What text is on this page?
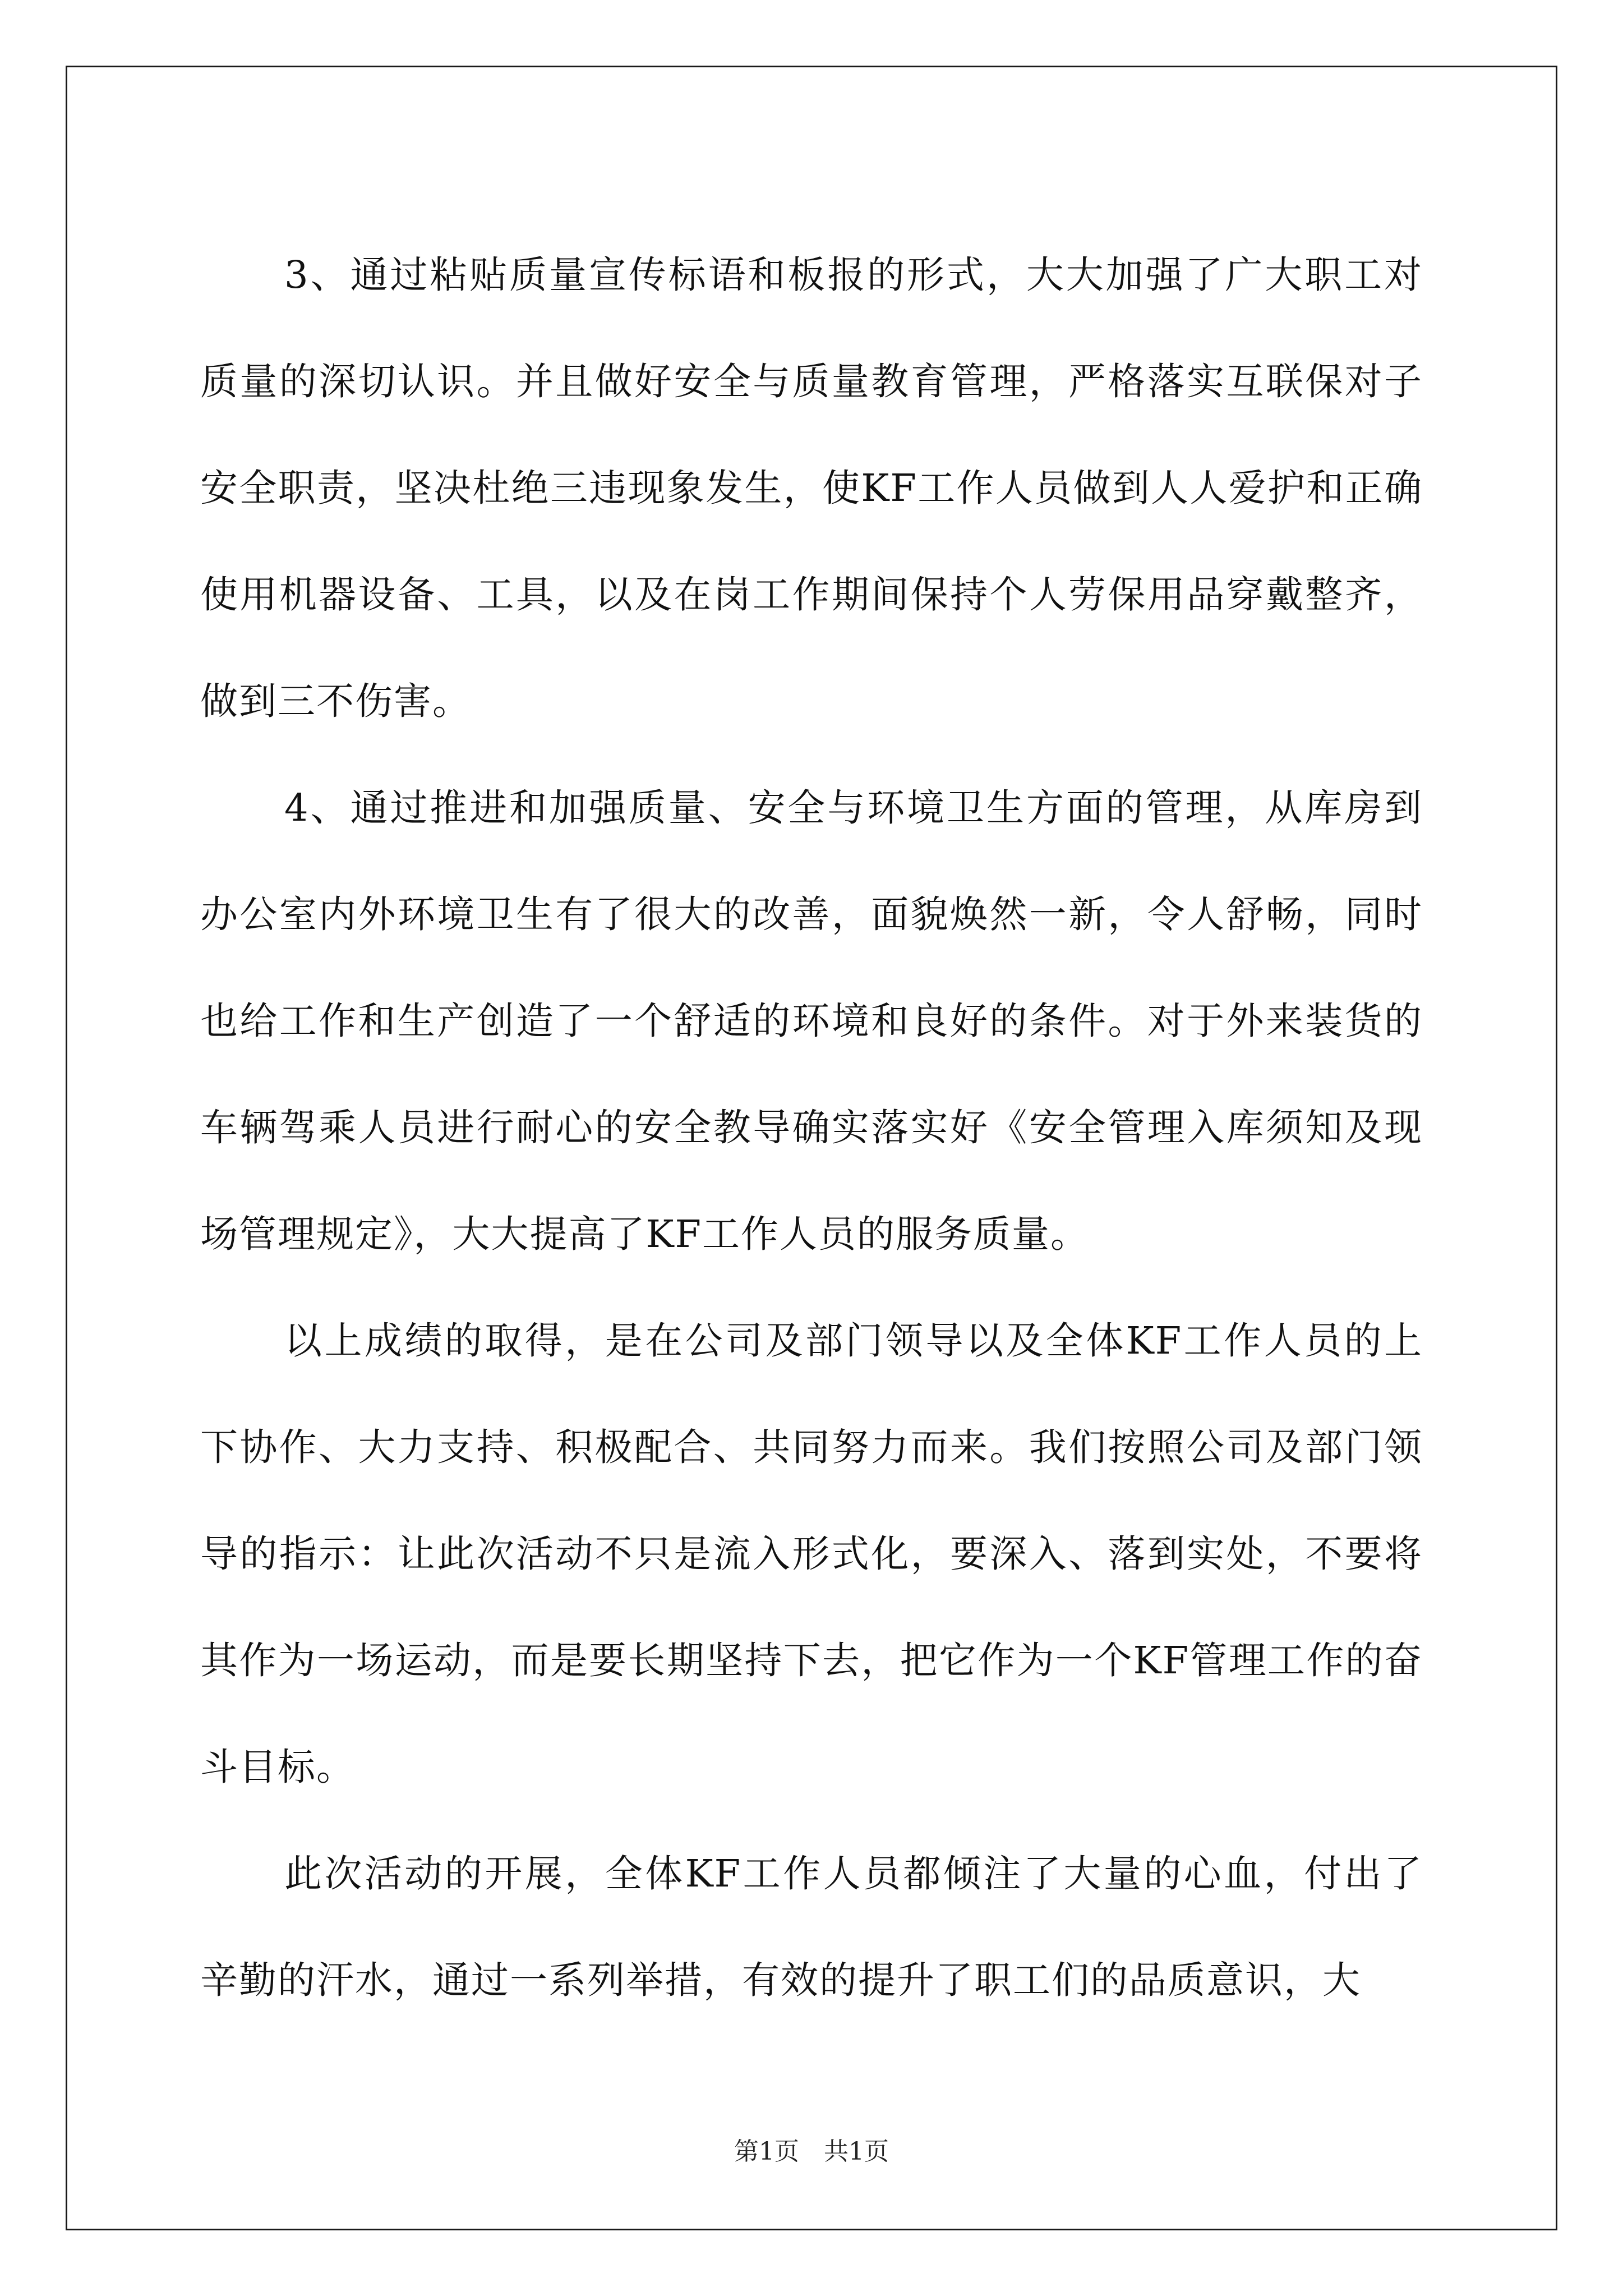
3、通过粘贴质量宣传标语和板报的形式，大大加强了广大职工对质量的深切认识。并且做好安全与质量教育管理，严格落实互联保对子安全职责，坚决杜绝三违现象发生，使KF工作人员做到人人爱护和正确使用机器设备、工具，以及在岗工作期间保持个人劳保用品穿戴整齐，做到三不伤害。

4、通过推进和加强质量、安全与环境卫生方面的管理，从库房到办公室内外环境卫生有了很大的改善，面貌焕然一新，令人舒畅，同时也给工作和生产创造了一个舒适的环境和良好的条件。对于外来装货的车辆驾乘人员进行耐心的安全教导确实落实好《安全管理入库须知及现场管理规定》，大大提高了KF工作人员的服务质量。

以上成绩的取得，是在公司及部门领导以及全体KF工作人员的上下协作、大力支持、积极配合、共同努力而来。我们按照公司及部门领导的指示：让此次活动不只是流入形式化，要深入、落到实处，不要将其作为一场运动，而是要长期坚持下去，把它作为一个KF管理工作的奋斗目标。

此次活动的开展，全体KF工作人员都倾注了大量的心血，付出了辛勤的汗水，通过一系列举措，有效的提升了职工们的品质意识，大

第1页 共1页
